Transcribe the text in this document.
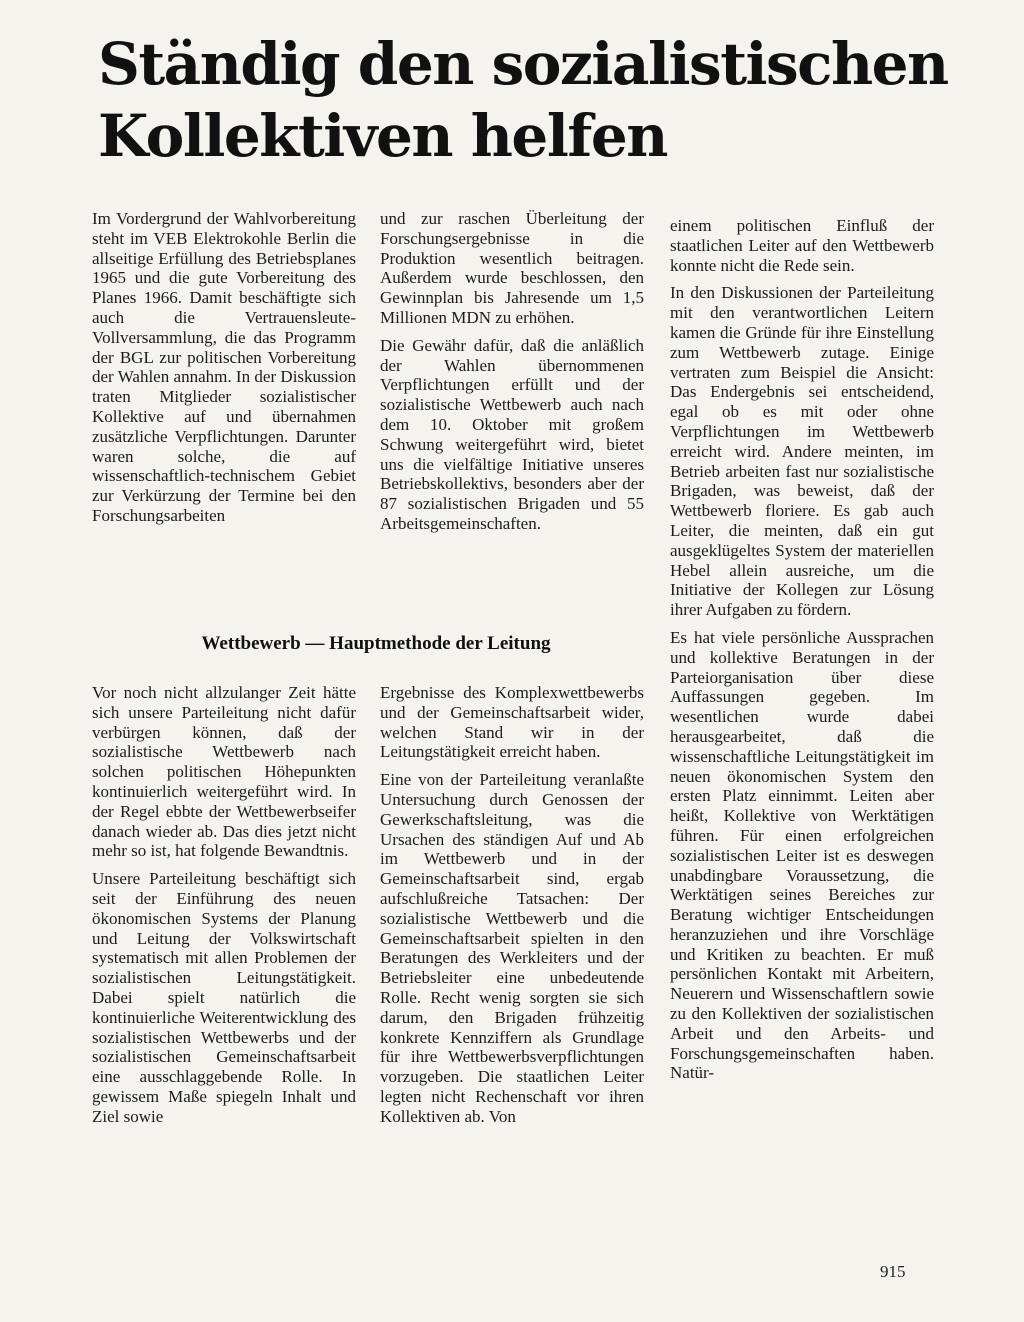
Ständig den sozialistischen Kollektiven helfen

Im Vordergrund der Wahlvorbereitung steht im VEB Elektrokohle Berlin die allseitige Erfüllung des Betriebsplanes 1965 und die gute Vorbereitung des Planes 1966. Damit beschäftigte sich auch die Vertrauensleute-Vollversammlung, die das Programm der BGL zur politischen Vorbereitung der Wahlen annahm. In der Diskussion traten Mitglieder sozialistischer Kollektive auf und übernahmen zusätzliche Verpflichtungen. Darunter waren solche, die auf wissenschaftlich-technischem Gebiet zur Verkürzung der Termine bei den Forschungsarbeiten

und zur raschen Überleitung der Forschungsergebnisse in die Produktion wesentlich beitragen. Außerdem wurde beschlossen, den Gewinnplan bis Jahresende um 1,5 Millionen MDN zu erhöhen.

Die Gewähr dafür, daß die anläßlich der Wahlen übernommenen Verpflichtungen erfüllt und der sozialistische Wettbewerb auch nach dem 10. Oktober mit großem Schwung weitergeführt wird, bietet uns die vielfältige Initiative unseres Betriebskollektivs, besonders aber der 87 sozialistischen Brigaden und 55 Arbeitsgemeinschaften.

Wettbewerb — Hauptmethode der Leitung

Vor noch nicht allzulanger Zeit hätte sich unsere Parteileitung nicht dafür verbürgen können, daß der sozialistische Wettbewerb nach solchen politischen Höhepunkten kontinuierlich weitergeführt wird. In der Regel ebbte der Wettbewerbseifer danach wieder ab. Das dies jetzt nicht mehr so ist, hat folgende Bewandtnis.

Unsere Parteileitung beschäftigt sich seit der Einführung des neuen ökonomischen Systems der Planung und Leitung der Volkswirtschaft systematisch mit allen Problemen der sozialistischen Leitungstätigkeit. Dabei spielt natürlich die kontinuierliche Weiterentwicklung des sozialistischen Wettbewerbs und der sozialistischen Gemeinschaftsarbeit eine ausschlaggebende Rolle. In gewissem Maße spiegeln Inhalt und Ziel sowie

Ergebnisse des Komplexwettbewerbs und der Gemeinschaftsarbeit wider, welchen Stand wir in der Leitungstätigkeit erreicht haben.

Eine von der Parteileitung veranlaßte Untersuchung durch Genossen der Gewerkschaftsleitung, was die Ursachen des ständigen Auf und Ab im Wettbewerb und in der Gemeinschaftsarbeit sind, ergab aufschlußreiche Tatsachen: Der sozialistische Wettbewerb und die Gemeinschaftsarbeit spielten in den Beratungen des Werkleiters und der Betriebsleiter eine unbedeutende Rolle. Recht wenig sorgten sie sich darum, den Brigaden frühzeitig konkrete Kennziffern als Grundlage für ihre Wettbewerbsverpflichtungen vorzugeben. Die staatlichen Leiter legten nicht Rechenschaft vor ihren Kollektiven ab. Von

einem politischen Einfluß der staatlichen Leiter auf den Wettbewerb konnte nicht die Rede sein.

In den Diskussionen der Parteileitung mit den verantwortlichen Leitern kamen die Gründe für ihre Einstellung zum Wettbewerb zutage. Einige vertraten zum Beispiel die Ansicht: Das Endergebnis sei entscheidend, egal ob es mit oder ohne Verpflichtungen im Wettbewerb erreicht wird. Andere meinten, im Betrieb arbeiten fast nur sozialistische Brigaden, was beweist, daß der Wettbewerb floriere. Es gab auch Leiter, die meinten, daß ein gut ausgeklügeltes System der materiellen Hebel allein ausreiche, um die Initiative der Kollegen zur Lösung ihrer Aufgaben zu fördern.

Es hat viele persönliche Aussprachen und kollektive Beratungen in der Parteiorganisation über diese Auffassungen gegeben. Im wesentlichen wurde dabei herausgearbeitet, daß die wissenschaftliche Leitungstätigkeit im neuen ökonomischen System den ersten Platz einnimmt. Leiten aber heißt, Kollektive von Werktätigen führen. Für einen erfolgreichen sozialistischen Leiter ist es deswegen unabdingbare Voraussetzung, die Werktätigen seines Bereiches zur Beratung wichtiger Entscheidungen heranzuziehen und ihre Vorschläge und Kritiken zu beachten. Er muß persönlichen Kontakt mit Arbeitern, Neuerern und Wissenschaftlern sowie zu den Kollektiven der sozialistischen Arbeit und den Arbeits- und Forschungsgemeinschaften haben. Natür-

915
